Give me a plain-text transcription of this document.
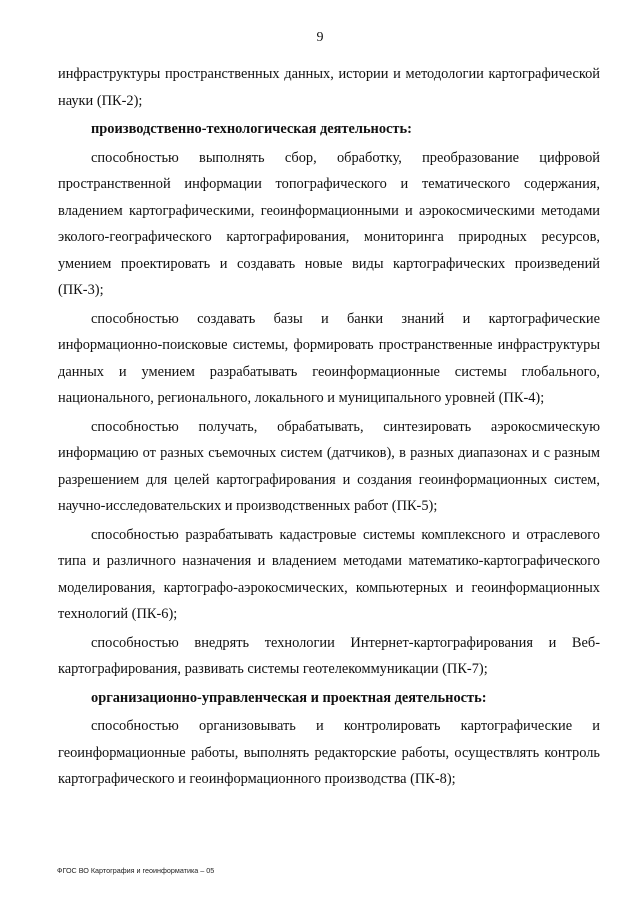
9

инфраструктуры пространственных данных, истории и методологии картографической науки (ПК-2);

производственно-технологическая деятельность:

способностью выполнять сбор, обработку, преобразование цифровой пространственной информации топографического и тематического содержания, владением картографическими, геоинформационными и аэрокосмическими методами эколого-географического картографирования, мониторинга природных ресурсов, умением проектировать и создавать новые виды картографических произведений (ПК-3);

способностью создавать базы и банки знаний и картографические информационно-поисковые системы, формировать пространственные инфраструктуры данных и умением разрабатывать геоинформационные системы глобального, национального, регионального, локального и муниципального уровней (ПК-4);

способностью получать, обрабатывать, синтезировать аэрокосмическую информацию от разных съемочных систем (датчиков), в разных диапазонах и с разным разрешением для целей картографирования и создания геоинформационных систем, научно-исследовательских и производственных работ (ПК-5);

способностью разрабатывать кадастровые системы комплексного и отраслевого типа и различного назначения и владением методами математико-картографического моделирования, картографо-аэрокосмических, компьютерных и геоинформационных технологий (ПК-6);

способностью внедрять технологии Интернет-картографирования и Веб-картографирования, развивать системы геотелекоммуникации (ПК-7);

организационно-управленческая и проектная деятельность:

способностью организовывать и контролировать картографические и геоинформационные работы, выполнять редакторские работы, осуществлять контроль картографического и геоинформационного производства (ПК-8);

ФГОС ВО Картография и геоинформатика – 05
